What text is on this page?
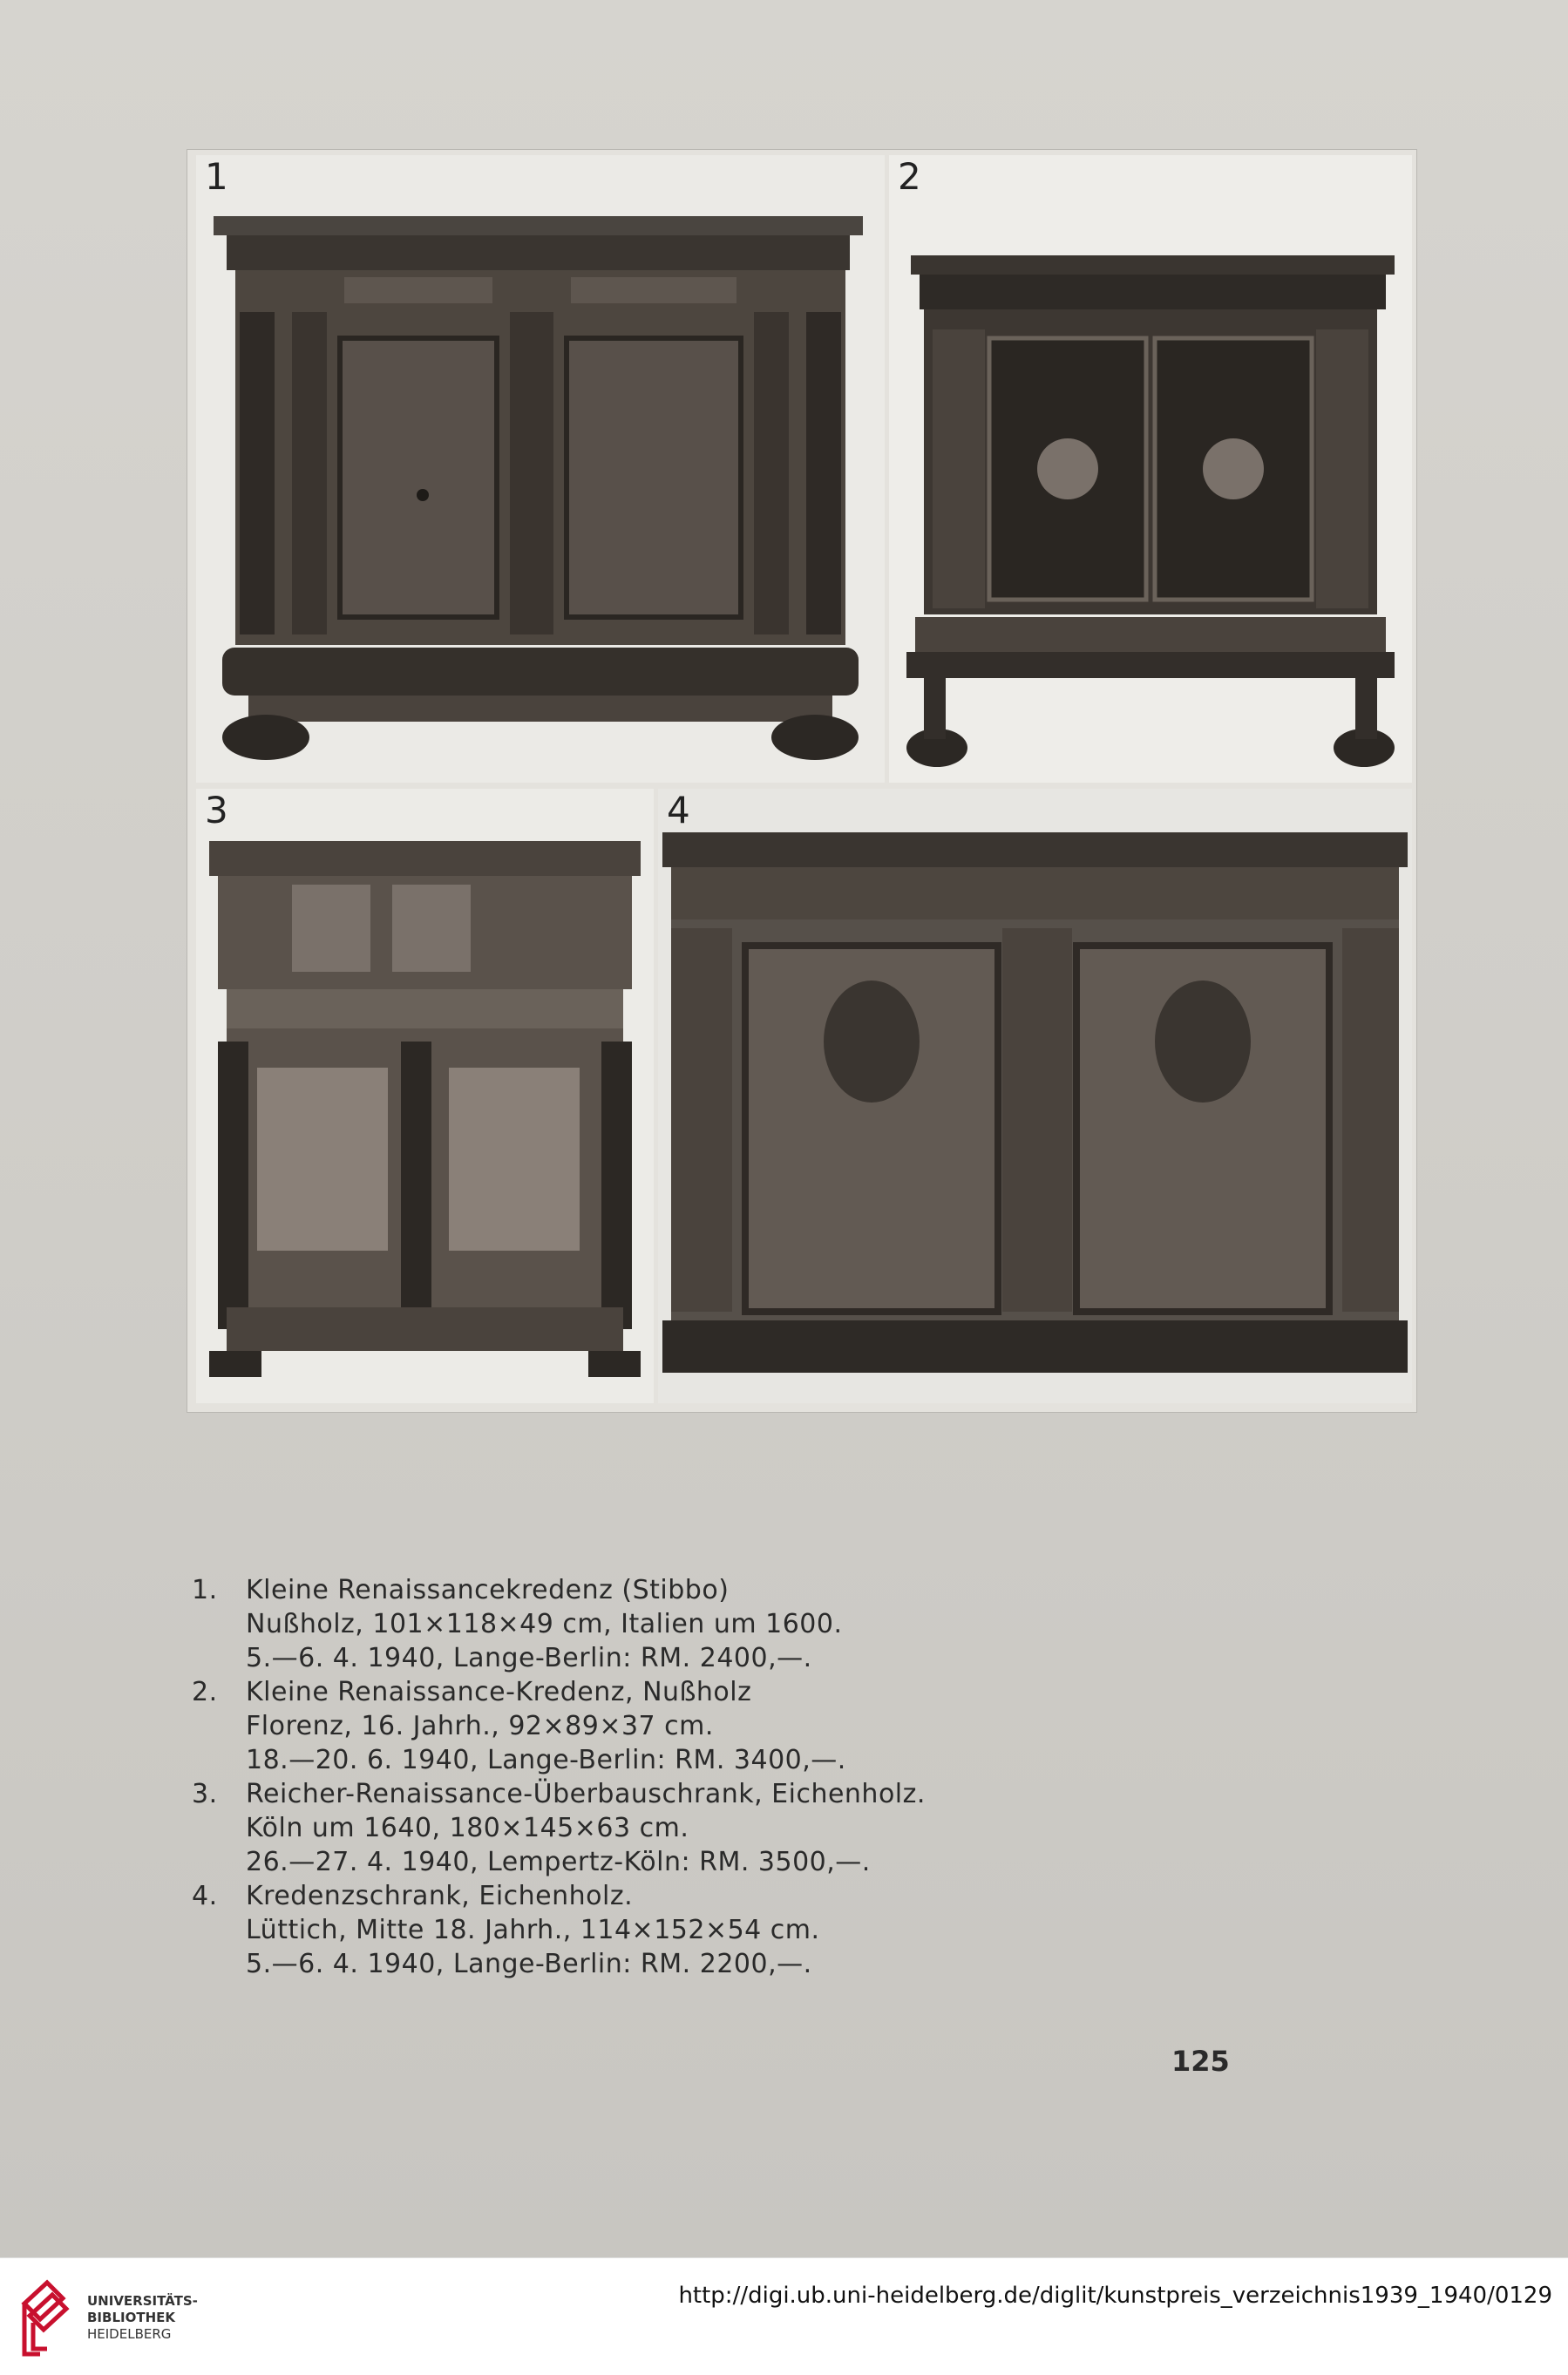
1	2
3	4
1.	Kleine Renaissancekredenz (Stibbo)
Nußholz, 101×118×49 cm, Italien um 1600.
5.—6. 4. 1940, Lange-Berlin: RM. 2400,—.
2.	Kleine Renaissance-Kredenz, Nußholz
Florenz, 16. Jahrh., 92×89×37 cm.
18.—20. 6. 1940, Lange-Berlin: RM. 3400,—.
3.	Reicher-Renaissance-Überbauschrank, Eichenholz.
Köln um 1640, 180×145×63 cm.
26.—27. 4. 1940, Lempertz-Köln: RM. 3500,—.
4.	Kredenzschrank, Eichenholz.
Lüttich, Mitte 18. Jahrh., 114×152×54 cm.
5.—6. 4. 1940, Lange-Berlin: RM. 2200,—.
125
UNIVERSITÄTS-
BIBLIOTHEK
HEIDELBERG
http://digi.ub.uni-heidelberg.de/diglit/kunstpreis_verzeichnis1939_1940/0129
